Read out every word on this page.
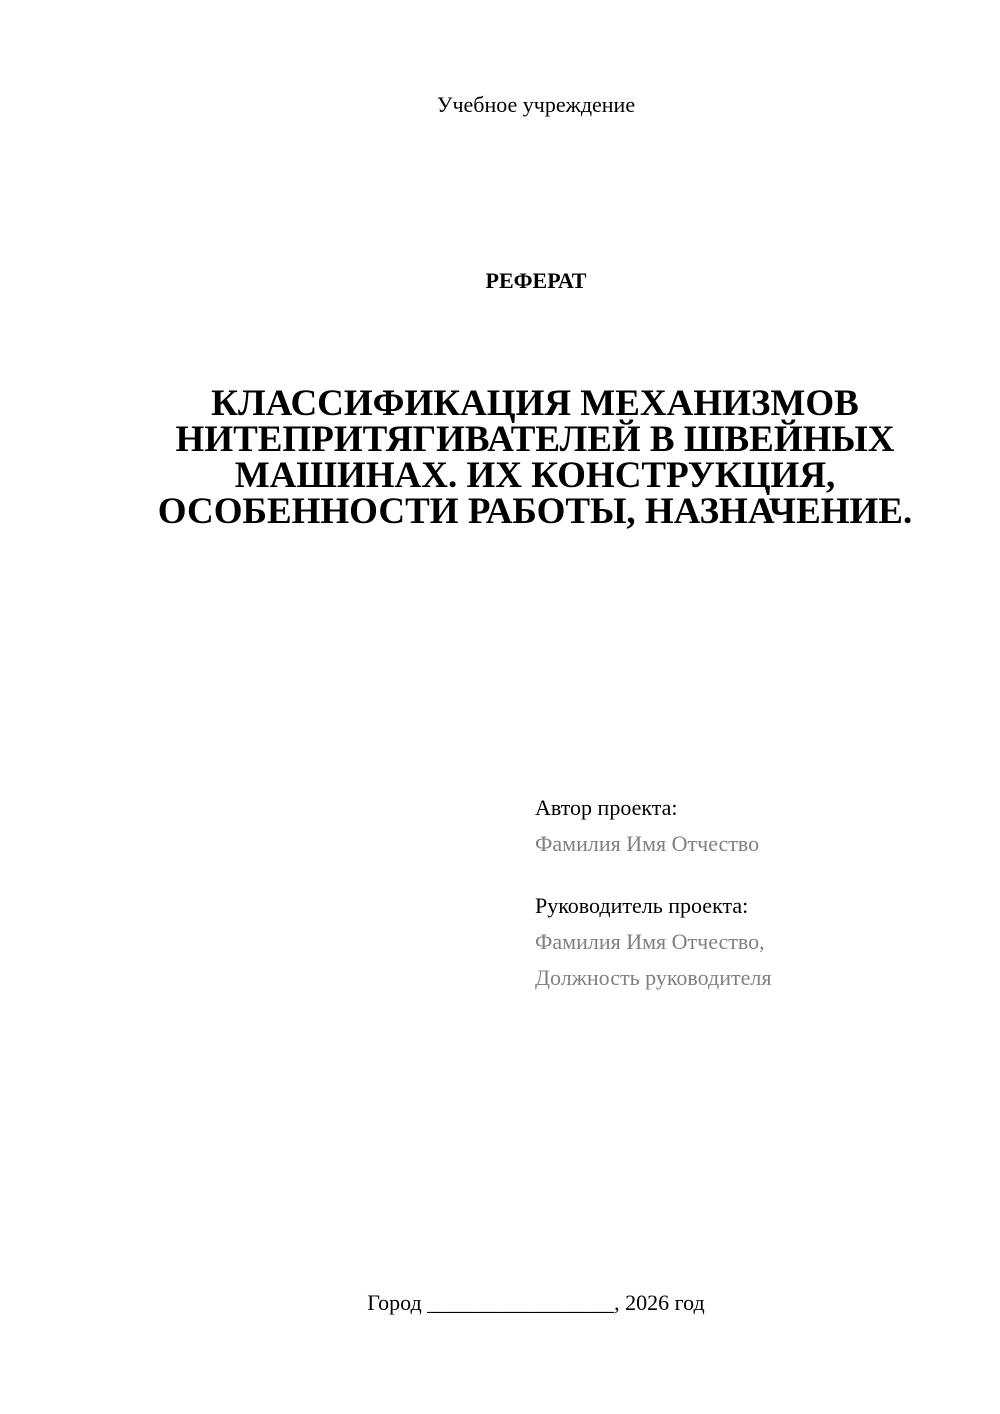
Учебное учреждение
РЕФЕРАТ
КЛАССИФИКАЦИЯ МЕХАНИЗМОВ НИТЕПРИТЯГИВАТЕЛЕЙ В ШВЕЙНЫХ МАШИНАХ. ИХ КОНСТРУКЦИЯ, ОСОБЕННОСТИ РАБОТЫ, НАЗНАЧЕНИЕ.
Автор проекта:
Фамилия Имя Отчество
Руководитель проекта:
Фамилия Имя Отчество,
Должность руководителя
Город _________________, 2026 год
